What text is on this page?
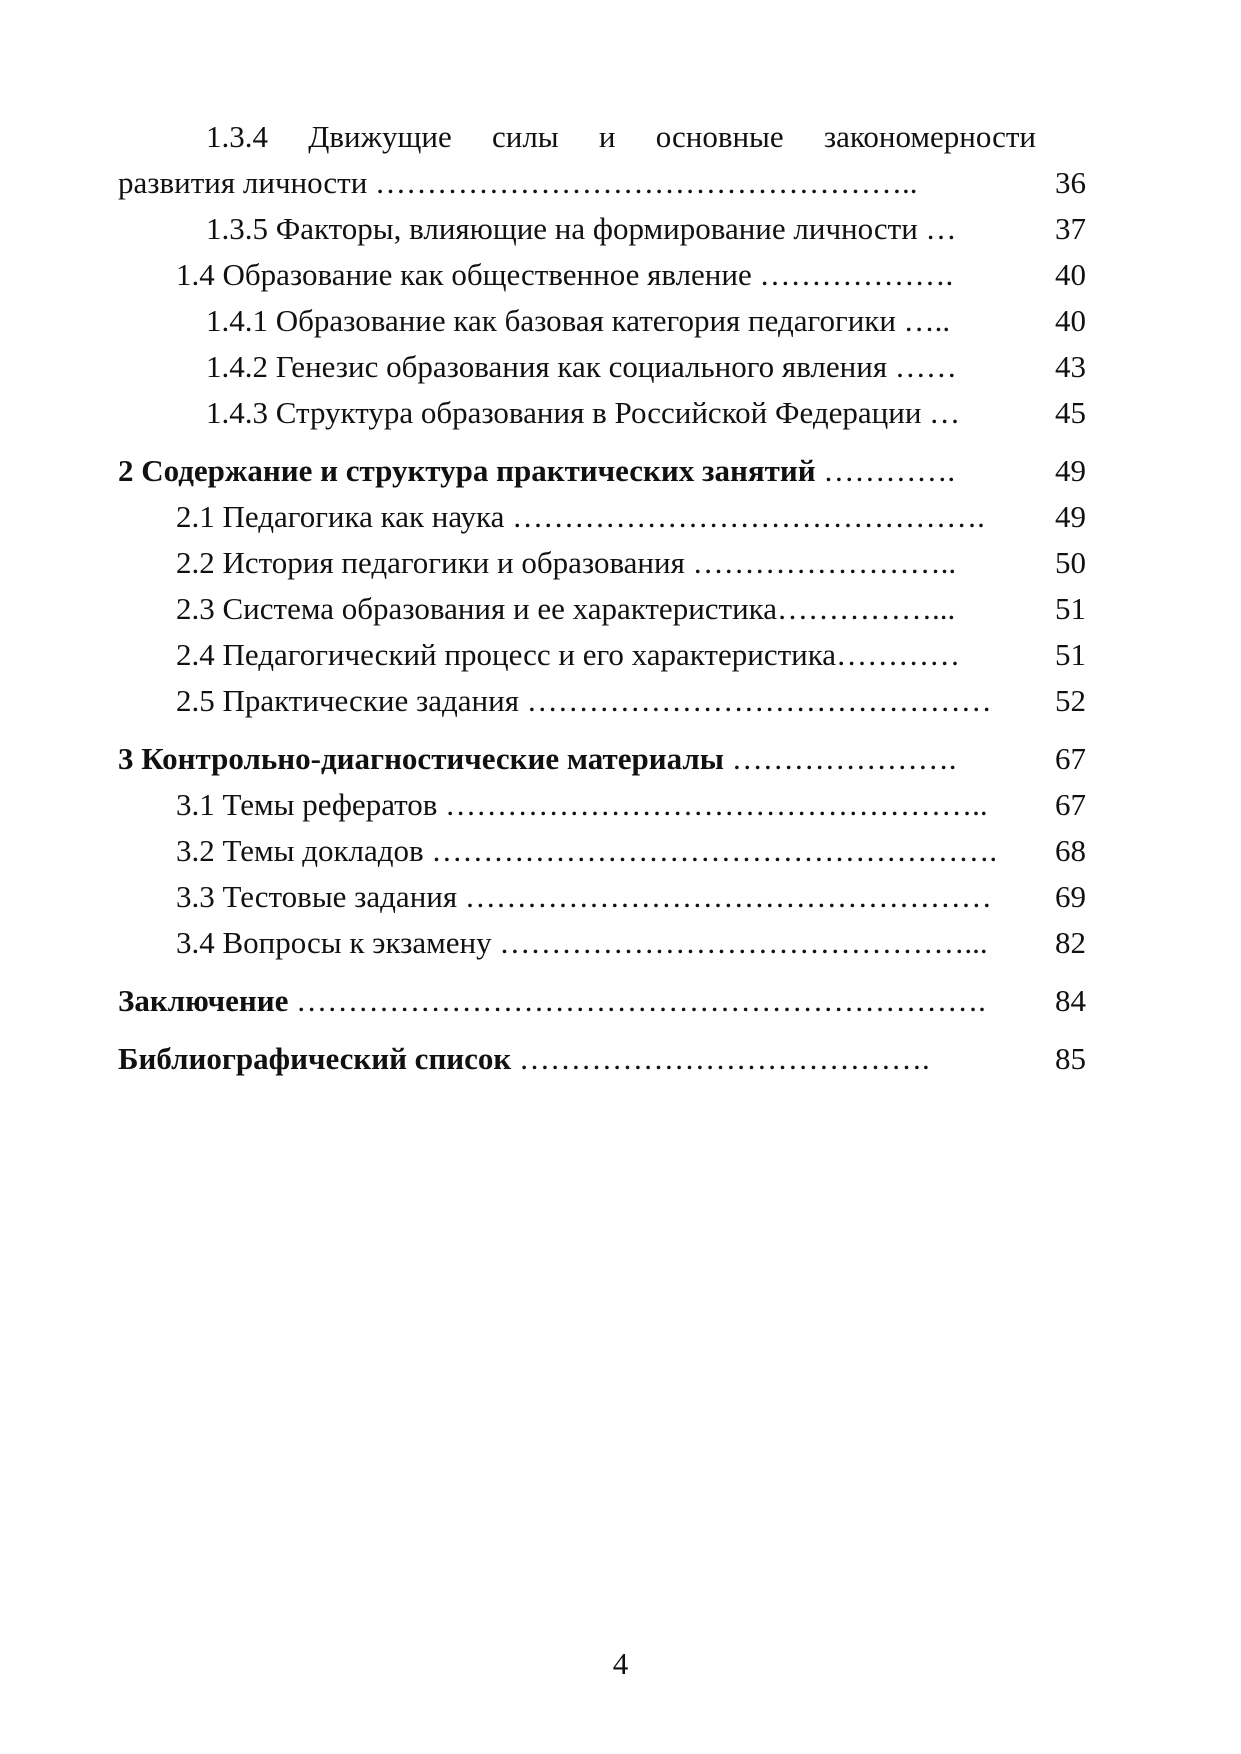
1.3.4 Движущие силы и основные закономерности
развития личности ……………………………………………..	36
1.3.5 Факторы, влияющие на формирование личности …	37
1.4 Образование как общественное явление ……………….	40
1.4.1 Образование как базовая категория педагогики …..	40
1.4.2 Генезис образования как социального явления ……	43
1.4.3 Структура образования в Российской Федерации …	45
2 Содержание и структура практических занятий ………….	49
2.1 Педагогика как наука ……………………………………….	49
2.2 История педагогики и образования ……………………..	50
2.3 Система образования и ее характеристика……………...	51
2.4 Педагогический процесс и его характеристика…………	51
2.5 Практические задания ………………………………………	52
3 Контрольно-диагностические материалы ………………….	67
3.1 Темы рефератов ……………………………………………..	67
3.2 Темы докладов ……………………………………………….	68
3.3 Тестовые задания ……………………………………………	69
3.4 Вопросы к экзамену ………………………………………...	82
Заключение ………………………………………………………….	84
Библиографический список ………………………………….	85
4
